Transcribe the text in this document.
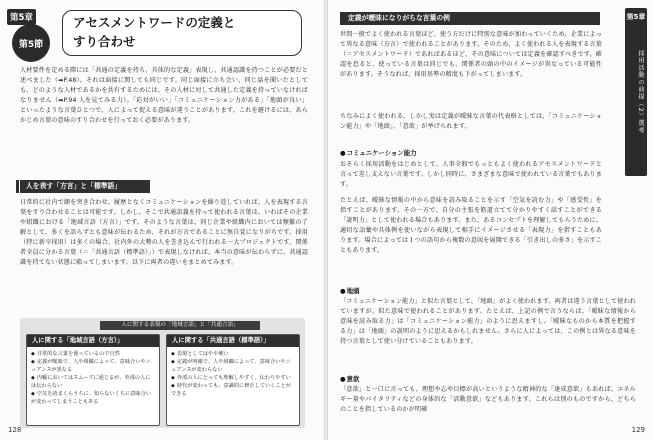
第5章
第5節
アセスメントワードの定義と
すり合わせ
人材要件を定める際には「共通の定義を持ち、具体的な定義」表現し、共通認識を持つことが必要だと述べました（➡P.48）。それは面接に関しても同じです。同じ面接に立ち会い、同じ話を聞いたとしても、どのような人材であるかを共有するためには、その人材に対して共通した定義を持っていなければなりません（➡P.94 人を見てみる力）。「応対がいい」「コミュニケーション力がある」「地頭が良い」といったような言葉ひとつで、人によって捉える意味が違うことがあります。これを避けるには、あらかじめ言葉の意味のすり合わせを行っておく必要があります。
人を表す「方言」と「標準語」
日常的に社内で顔を突き合わせ、履歴となくコミュニケーションを繰り返していれば、人を表現する言葉をすり合わせることは可能です。しかし、そこで共通語義を持って使われる言葉は、いわばその企業や組織における「地域言語（方言）」です。そのような言葉は、同じ企業や組織内においては頻繁の了解として、多くを語らずとも意味が伝わるため、それが方言であることに無自覚になりがちです。採用（特に新卒採用）は多くの場合、社内外の大勢の人を巻き込んで行われる一大プロジェクトです。関係者全員に分かる言葉（＝「共通言語（標準語）」）で表現しなければ、本当の意味が伝わらずに、共通認識を持てない状態に陥ってしまいます。以下に両者の違いをまとめてみます。
人に関する表現の「地域言語」と「共通言語」
人に関する「地域言語（方言）」
◆ 日常的な言葉を使っているので自然
◆ 定義が曖昧で、人や組織によって、意味合いやニュアンスが異なる
◆ 内輪においてはスムーズに通じるが、外部の人には伝わらない
◆ 空気を読まくらうちに、知らないくちに意味合いが変わってしまうこともある
人に関する「共通言語（標準語）」
◆ 表現としてはやや硬い
◆ 定義が明確で、人や組織によって、意味合いやニュアンスが変わらない
◆ 外部の人にとっても理解しやすく、伝わりやすい
◆ 時代が変わっても、意識的に修正していくことができる
128
定義が曖昧になりがちな言葉の例
世間一般でよく使われる言葉ほど、使う方だけに特別な意味が加わっていくため、企業によって異なる意味（方言）で使われることがあります。そのため、よく使われる人を表現する言葉（＝アセスメントワード）であればあるほど、その意味については定義を確認すべきです。確認を怠ると、使っている言葉は同じでも、関係者の頭の中のイメージが異なっている可能性があります。そうなれば、採用基準の精度も下がってしまいます。
ちなみによく使われる、しかし実は定義が曖昧な言葉の代表格としては、「コミュニケーション能力」や「地頭」、「意欲」が挙げられます。
● コミュニケーション能力
おそらく採用活動をはじめとして、人事全般でもっともよく使われるアセスメントワードと言って差し支えない言葉です。しかし同時に、さまざまな意味で使われている言葉でもあります。
たとえば、曖昧な情報の中から意味を読み取ることを示す「空気を読む力」や「感受性」を指すことがあります。その一方で、自分の主張を筋道立てて分かりやすく話すことができる「説明力」として使われる場合もあります。また、あるコンセプトを理解してもらうために、適切な語彙や具体例を使いながら表現して相手にイメージさせる「表現力」を指すこともあります。場合によっては１つの語句から複数の意図を展開できる「引き出しの多さ」を示すこともあります。
● 地頭
「コミュニケーション能力」と似た言葉として、「地頭」がよく使われます。両者は違う言葉として使われていますが、似た意味で使われることがあります。たとえば、上記の例で言うならば、「曖昧な情報から意味を読み取る力」は「コミュニケーション能力」のように思えますし、「曖昧なものから本質を把握する力」は「地頭」の説明のように思えるかもしれません。さらに人によっては、この例とは異なる意味を持つ言葉として使い分けていることもあります。
● 意欲
「意欲」と一口に言っても、理想や志や目標が高いというような精神的な「達成意欲」もあれば、エネルギー量やバイタリティなどの身体的な「活動意欲」などもあります。これらは別のものですから、どちらのことを指しているのかが明確
第5章
採用活動の前提（2）選考
129
